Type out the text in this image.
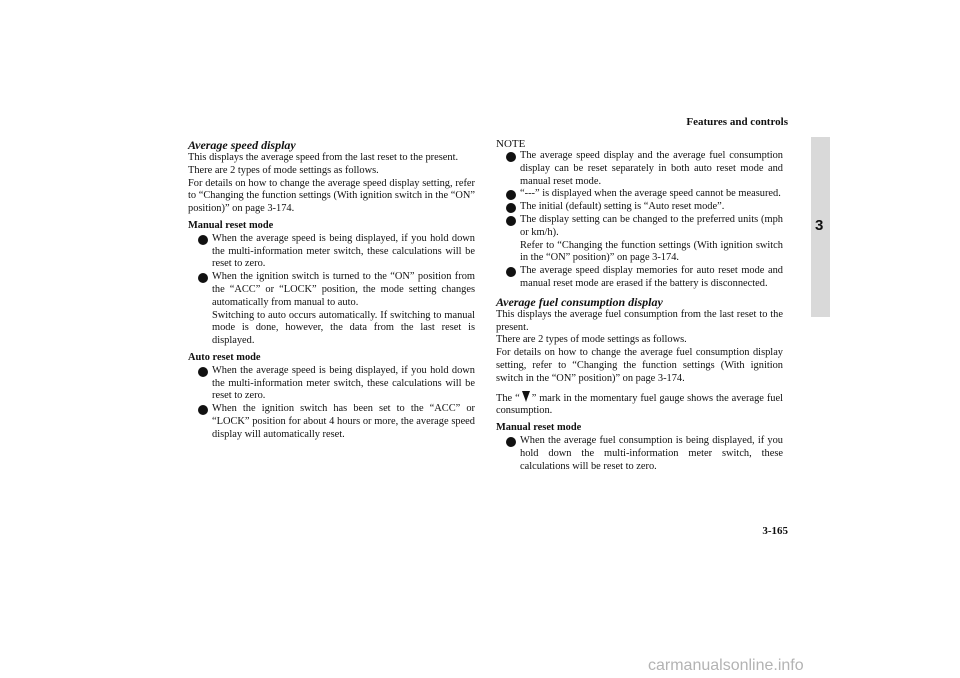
Features and controls
3

Average speed display

This displays the average speed from the last reset to the present.

There are 2 types of mode settings as follows.

For details on how to change the average speed display setting, refer to “Changing the function settings (With ignition switch in the “ON” position)” on page 3-174.

Manual reset mode

When the average speed is being displayed, if you hold down the multi-information meter switch, these calculations will be reset to zero.
When the ignition switch is turned to the “ON” position from the “ACC” or “LOCK” position, the mode setting changes automatically from manual to auto.
Switching to auto occurs automatically. If switching to manual mode is done, however, the data from the last reset is displayed.

Auto reset mode

When the average speed is being displayed, if you hold down the multi-information meter switch, these calculations will be reset to zero.
When the ignition switch has been set to the “ACC” or “LOCK” position for about 4 hours or more, the average speed display will automatically reset.

NOTE

The average speed display and the average fuel consumption display can be reset separately in both auto reset mode and manual reset mode.
“---” is displayed when the average speed cannot be measured.
The initial (default) setting is “Auto reset mode”.
The display setting can be changed to the preferred units (mph or km/h).
Refer to “Changing the function settings (With ignition switch in the “ON” position)” on page 3-174.
The average speed display memories for auto reset mode and manual reset mode are erased if the battery is disconnected.

Average fuel consumption display

This displays the average fuel consumption from the last reset to the present.

There are 2 types of mode settings as follows.

For details on how to change the average fuel consumption display setting, refer to “Changing the function settings (With ignition switch in the “ON” position)” on page 3-174.

The “ ” mark in the momentary fuel gauge shows the average fuel consumption.

Manual reset mode

When the average fuel consumption is being displayed, if you hold down the multi-information meter switch, these calculations will be reset to zero.
3-165
carmanualsonline.info
